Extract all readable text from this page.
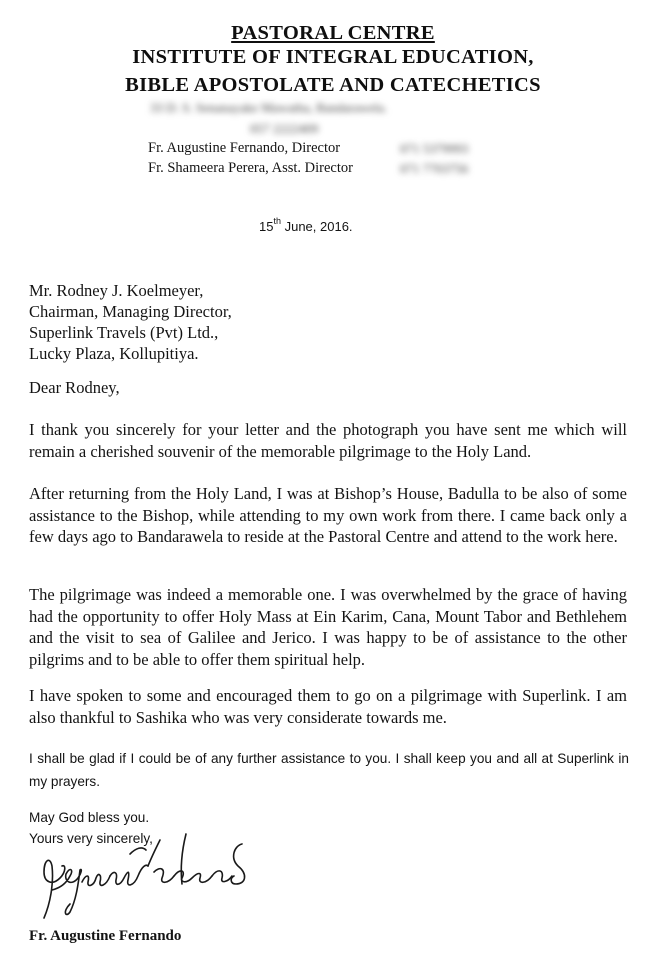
PASTORAL CENTRE
INSTITUTE OF INTEGRAL EDUCATION,
BIBLE APOSTOLATE AND CATECHETICS
33 D. S. Senanayake Mawatha, Bandarawela.
057 2222409
Fr. Augustine Fernando, Director	071 5379993
Fr. Shameera Perera, Asst. Director	071 7703756
15th June, 2016.
Mr. Rodney J. Koelmeyer,
Chairman, Managing Director,
Superlink Travels (Pvt) Ltd.,
Lucky Plaza, Kollupitiya.
Dear Rodney,

I thank you sincerely for your letter and the photograph you have sent me which will remain a cherished souvenir of the memorable pilgrimage to the Holy Land.

After returning from the Holy Land, I was at Bishop’s House, Badulla to be also of some assistance to the Bishop, while attending to my own work from there. I came back only a few days ago to Bandarawela to reside at the Pastoral Centre and attend to the work here.

The pilgrimage was indeed a memorable one. I was overwhelmed by the grace of having had the opportunity to offer Holy Mass at Ein Karim, Cana, Mount Tabor and Bethlehem and the visit to sea of Galilee and Jerico. I was happy to be of assistance to the other pilgrims and to be able to offer them spiritual help.

I have spoken to some and encouraged them to go on a pilgrimage with Superlink. I am also thankful to Sashika who was very considerate towards me.

I shall be glad if I could be of any further assistance to you. I shall keep you and all at Superlink in my prayers.
May God bless you.
Yours very sincerely,
Fr. Augustine Fernando
